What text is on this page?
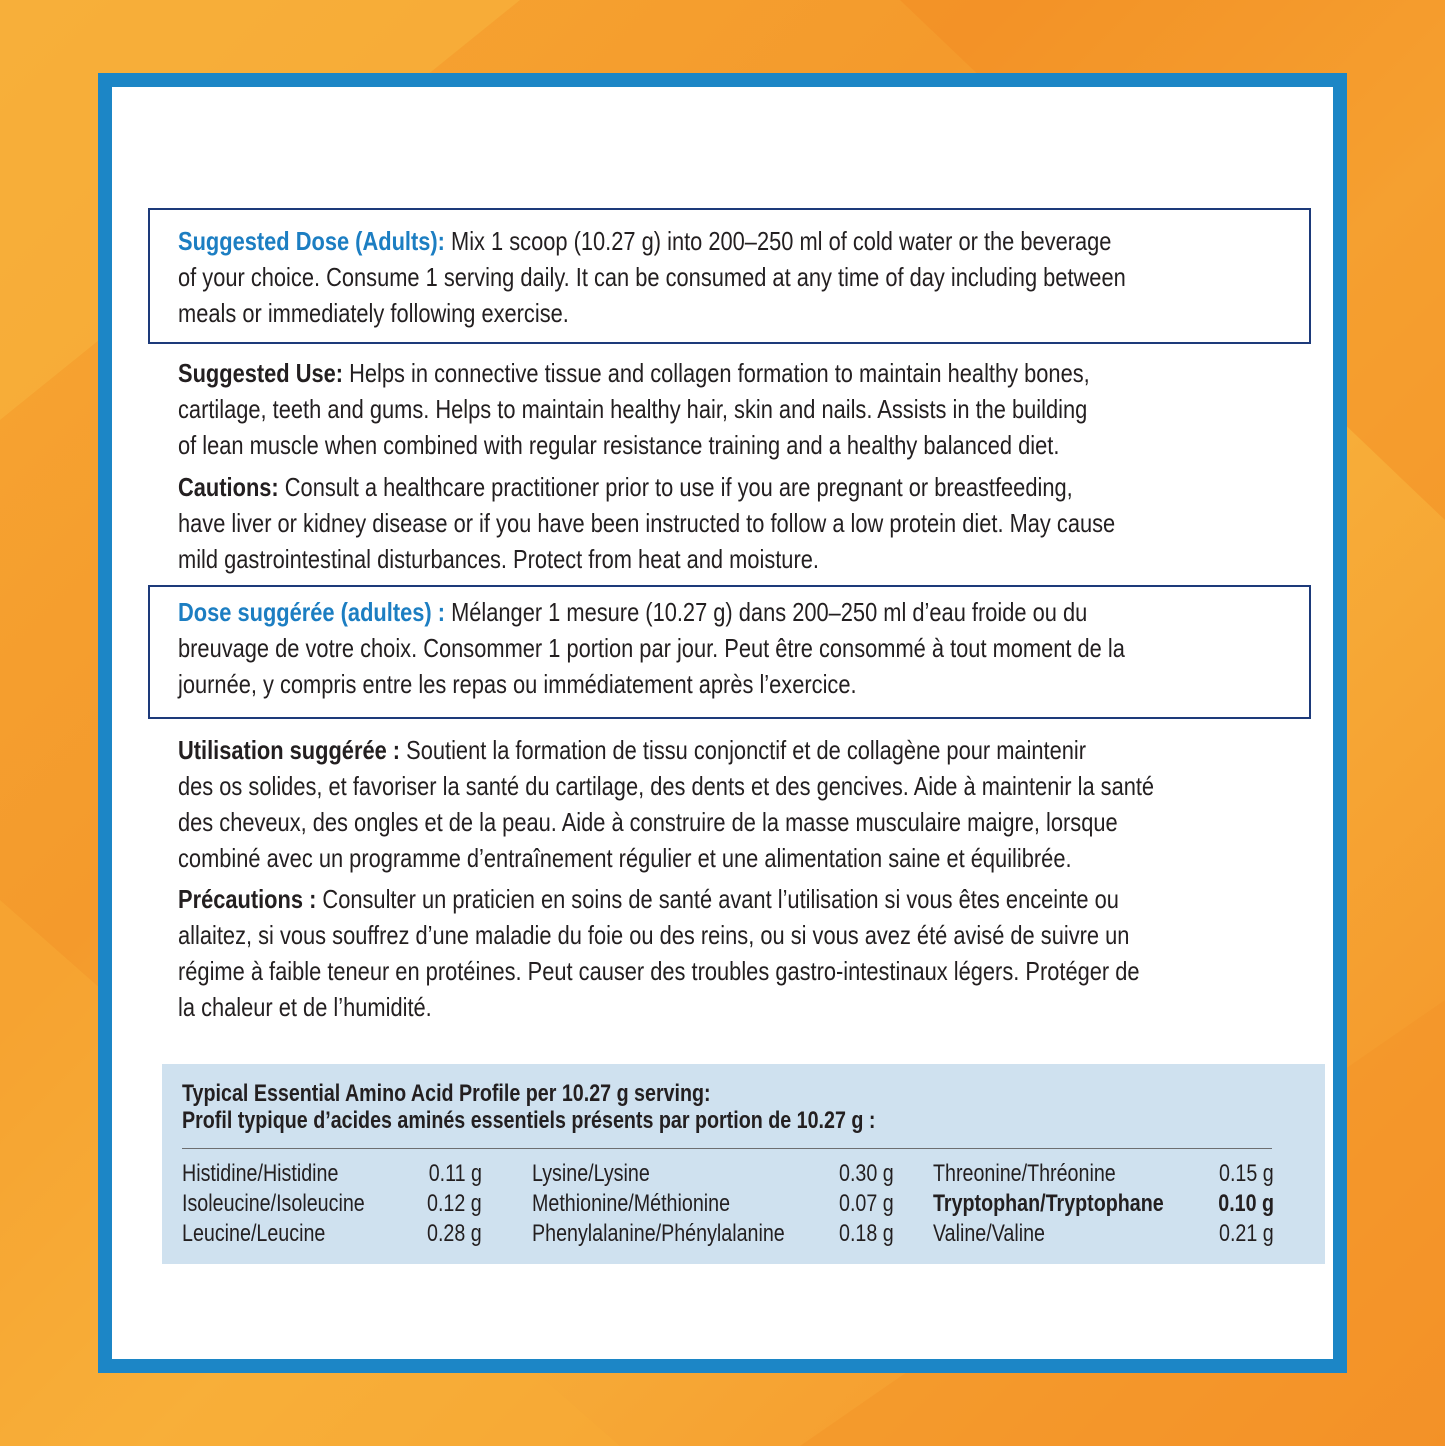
Suggested Dose (Adults): Mix 1 scoop (10.27 g) into 200–250 ml of cold water or the beverage
of your choice. Consume 1 serving daily. It can be consumed at any time of day including between
meals or immediately following exercise.
Suggested Use: Helps in connective tissue and collagen formation to maintain healthy bones,
cartilage, teeth and gums. Helps to maintain healthy hair, skin and nails. Assists in the building
of lean muscle when combined with regular resistance training and a healthy balanced diet.
Cautions: Consult a healthcare practitioner prior to use if you are pregnant or breastfeeding,
have liver or kidney disease or if you have been instructed to follow a low protein diet. May cause
mild gastrointestinal disturbances. Protect from heat and moisture.
Dose suggérée (adultes) : Mélanger 1 mesure (10.27 g) dans 200–250 ml d’eau froide ou du
breuvage de votre choix. Consommer 1 portion par jour. Peut être consommé à tout moment de la
journée, y compris entre les repas ou immédiatement après l’exercice.
Utilisation suggérée : Soutient la formation de tissu conjonctif et de collagène pour maintenir
des os solides, et favoriser la santé du cartilage, des dents et des gencives. Aide à maintenir la santé
des cheveux, des ongles et de la peau. Aide à construire de la masse musculaire maigre, lorsque
combiné avec un programme d’entraînement régulier et une alimentation saine et équilibrée.
Précautions : Consulter un praticien en soins de santé avant l’utilisation si vous êtes enceinte ou
allaitez, si vous souffrez d’une maladie du foie ou des reins, ou si vous avez été avisé de suivre un
régime à faible teneur en protéines. Peut causer des troubles gastro-intestinaux légers. Protéger de
la chaleur et de l’humidité.
Typical Essential Amino Acid Profile per 10.27 g serving:
Profil typique d’acides aminés essentiels présents par portion de 10.27 g :
Histidine/Histidine
Isoleucine/Isoleucine
Leucine/Leucine
0.11 g
0.12 g
0.28 g
Lysine/Lysine
Methionine/Méthionine
Phenylalanine/Phénylalanine
0.30 g
0.07 g
0.18 g
Threonine/Thréonine
Tryptophan/Tryptophane
Valine/Valine
0.15 g
0.10 g
0.21 g
